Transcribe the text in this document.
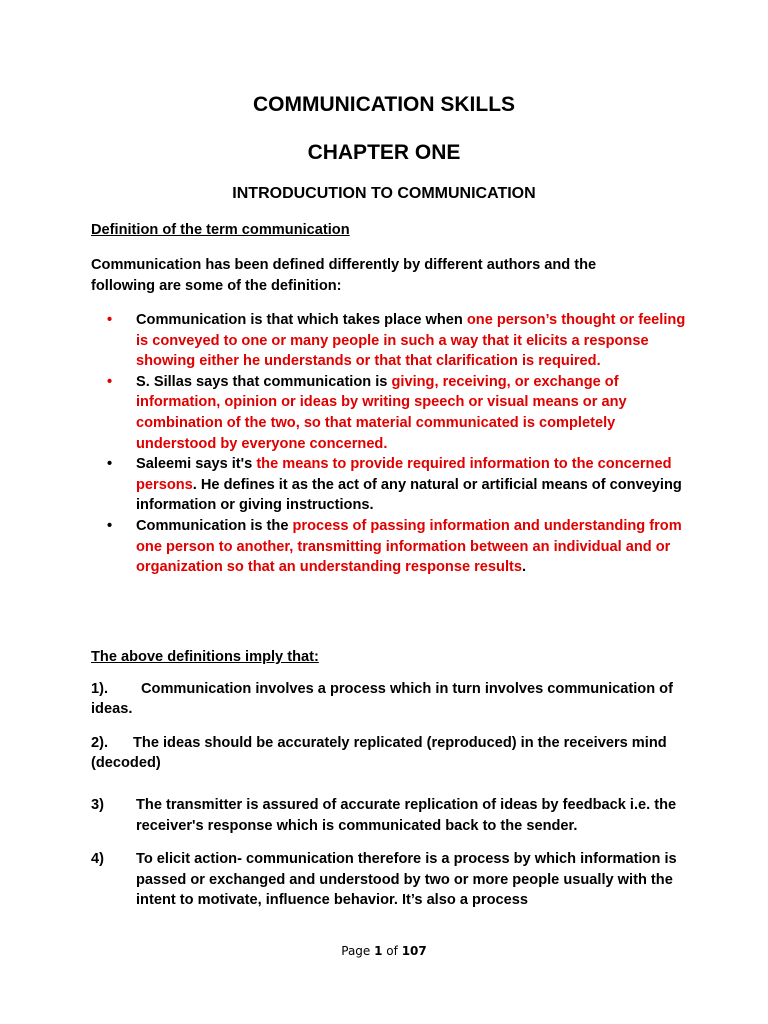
COMMUNICATION SKILLS
CHAPTER ONE
INTRODUCUTION TO COMMUNICATION
Definition of the term communication
Communication has been defined differently by different authors and the following are some of the definition:
• Communication is that which takes place when one person’s thought or feeling is conveyed to one or many people in such a way that it elicits a response showing either he understands or that that clarification is required.
• S. Sillas says that communication is giving, receiving, or exchange of information, opinion or ideas by writing speech or visual means or any combination of the two, so that material communicated is completely understood by everyone concerned.
• Saleemi says it's the means to provide required information to the concerned persons. He defines it as the act of any natural or artificial means of conveying information or giving instructions.
• Communication is the process of passing information and understanding from one person to another, transmitting information between an individual and or organization so that an understanding response results.
The above definitions imply that:
1). Communication involves a process which in turn involves communication of ideas.
2). The ideas should be accurately replicated (reproduced) in the receivers mind (decoded)
3) The transmitter is assured of accurate replication of ideas by feedback i.e. the receiver's response which is communicated back to the sender.
4) To elicit action- communication therefore is a process by which information is passed or exchanged and understood by two or more people usually with the intent to motivate, influence behavior. It’s also a process
Page 1 of 107
